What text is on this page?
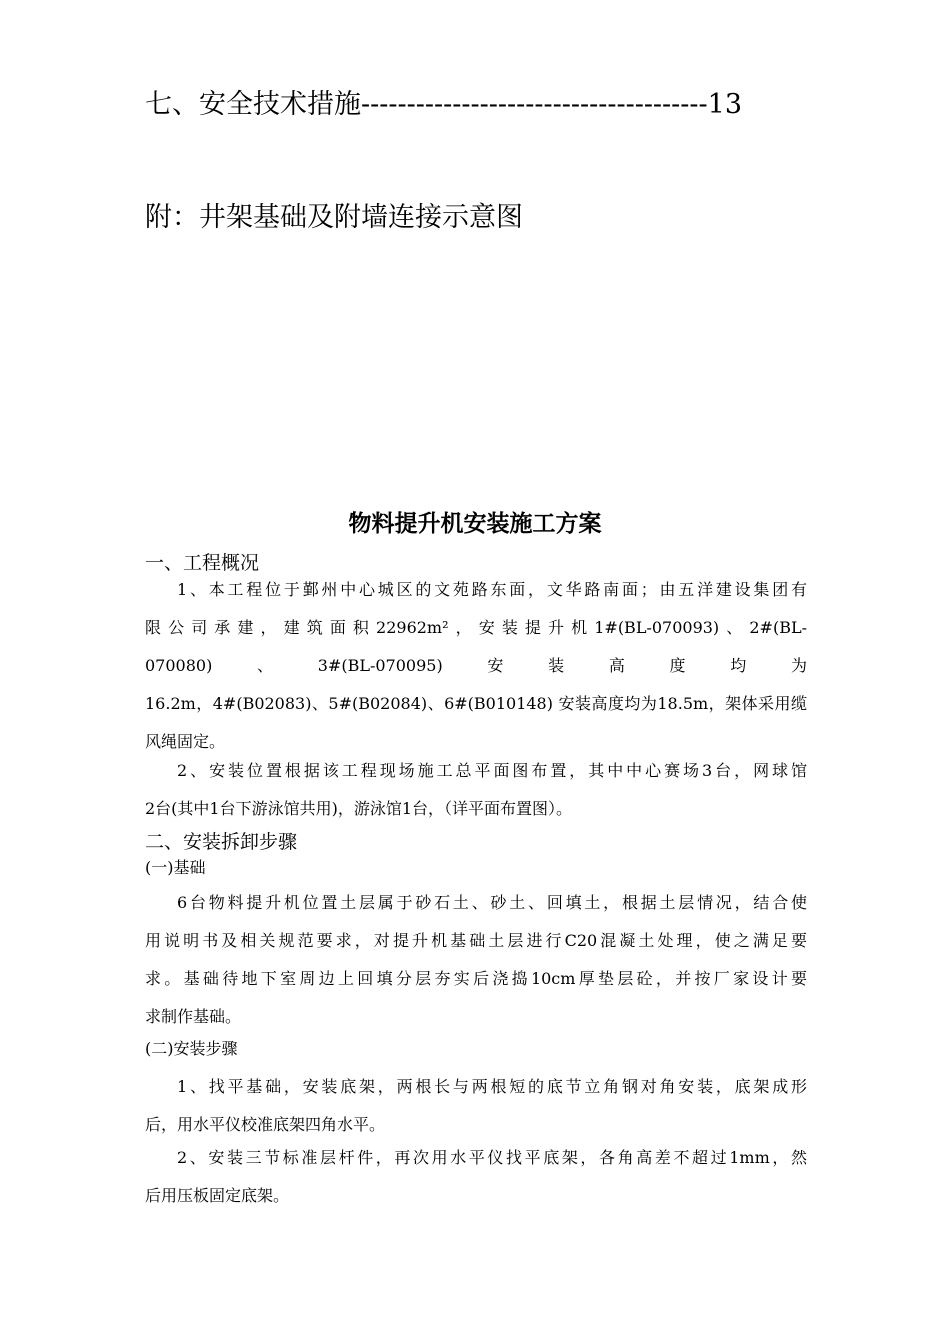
七、安全技术措施--------------------------------------13
附：井架基础及附墙连接示意图
物料提升机安装施工方案
一、工程概况
1、本工程位于鄞州中心城区的文苑路东面，文华路南面；由五洋建设集团有
限公司承建，建筑面积22962m²，安装提升机1#(BL-070093)、2#(BL-
070080)	、	3#(BL-070095)	安	装	高	度	均	为
16.2m，4#(B02083)、5#(B02084)、6#(B010148) 安装高度均为18.5m，架体采用缆
风绳固定。
2、安装位置根据该工程现场施工总平面图布置，其中中心赛场3台，网球馆
2台(其中1台下游泳馆共用)，游泳馆1台，（详平面布置图）。
二、安装拆卸步骤
(一)基础
6台物料提升机位置土层属于砂石土、砂土、回填土，根据土层情况，结合使
用说明书及相关规范要求，对提升机基础土层进行C20混凝土处理，使之满足要
求。基础待地下室周边上回填分层夯实后浇捣10cm厚垫层砼，并按厂家设计要
求制作基础。
(二)安装步骤
1、找平基础，安装底架，两根长与两根短的底节立角钢对角安装，底架成形
后，用水平仪校准底架四角水平。
2、安装三节标准层杆件，再次用水平仪找平底架，各角高差不超过1mm，然
后用压板固定底架。
